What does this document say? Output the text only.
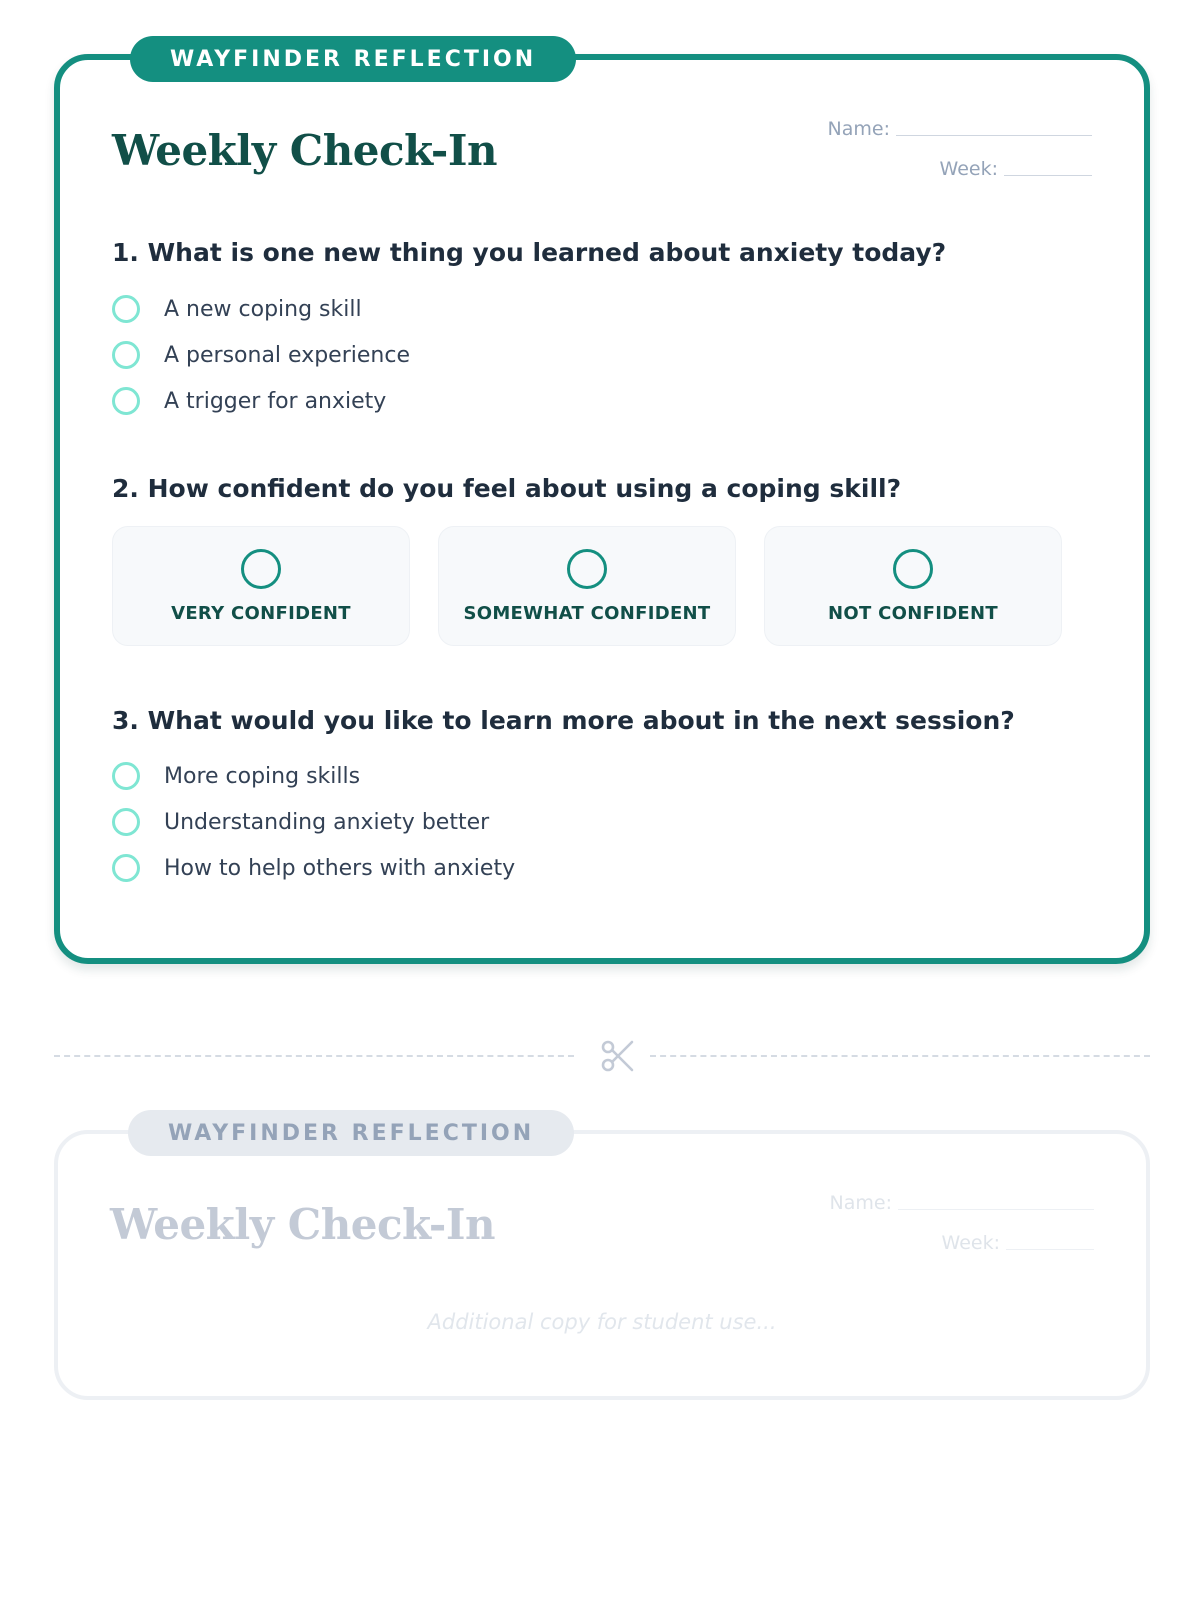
WAYFINDER REFLECTION
Weekly Check-In	Name:
Week:
1. What is one new thing you learned about anxiety today?
A new coping skill
A personal experience
A trigger for anxiety
2. How confident do you feel about using a coping skill?
VERY CONFIDENT	SOMEWHAT CONFIDENT	NOT CONFIDENT
3. What would you like to learn more about in the next session?
More coping skills
Understanding anxiety better
How to help others with anxiety
WAYFINDER REFLECTION
Weekly Check-In	Name:
Week:
Additional copy for student use...
